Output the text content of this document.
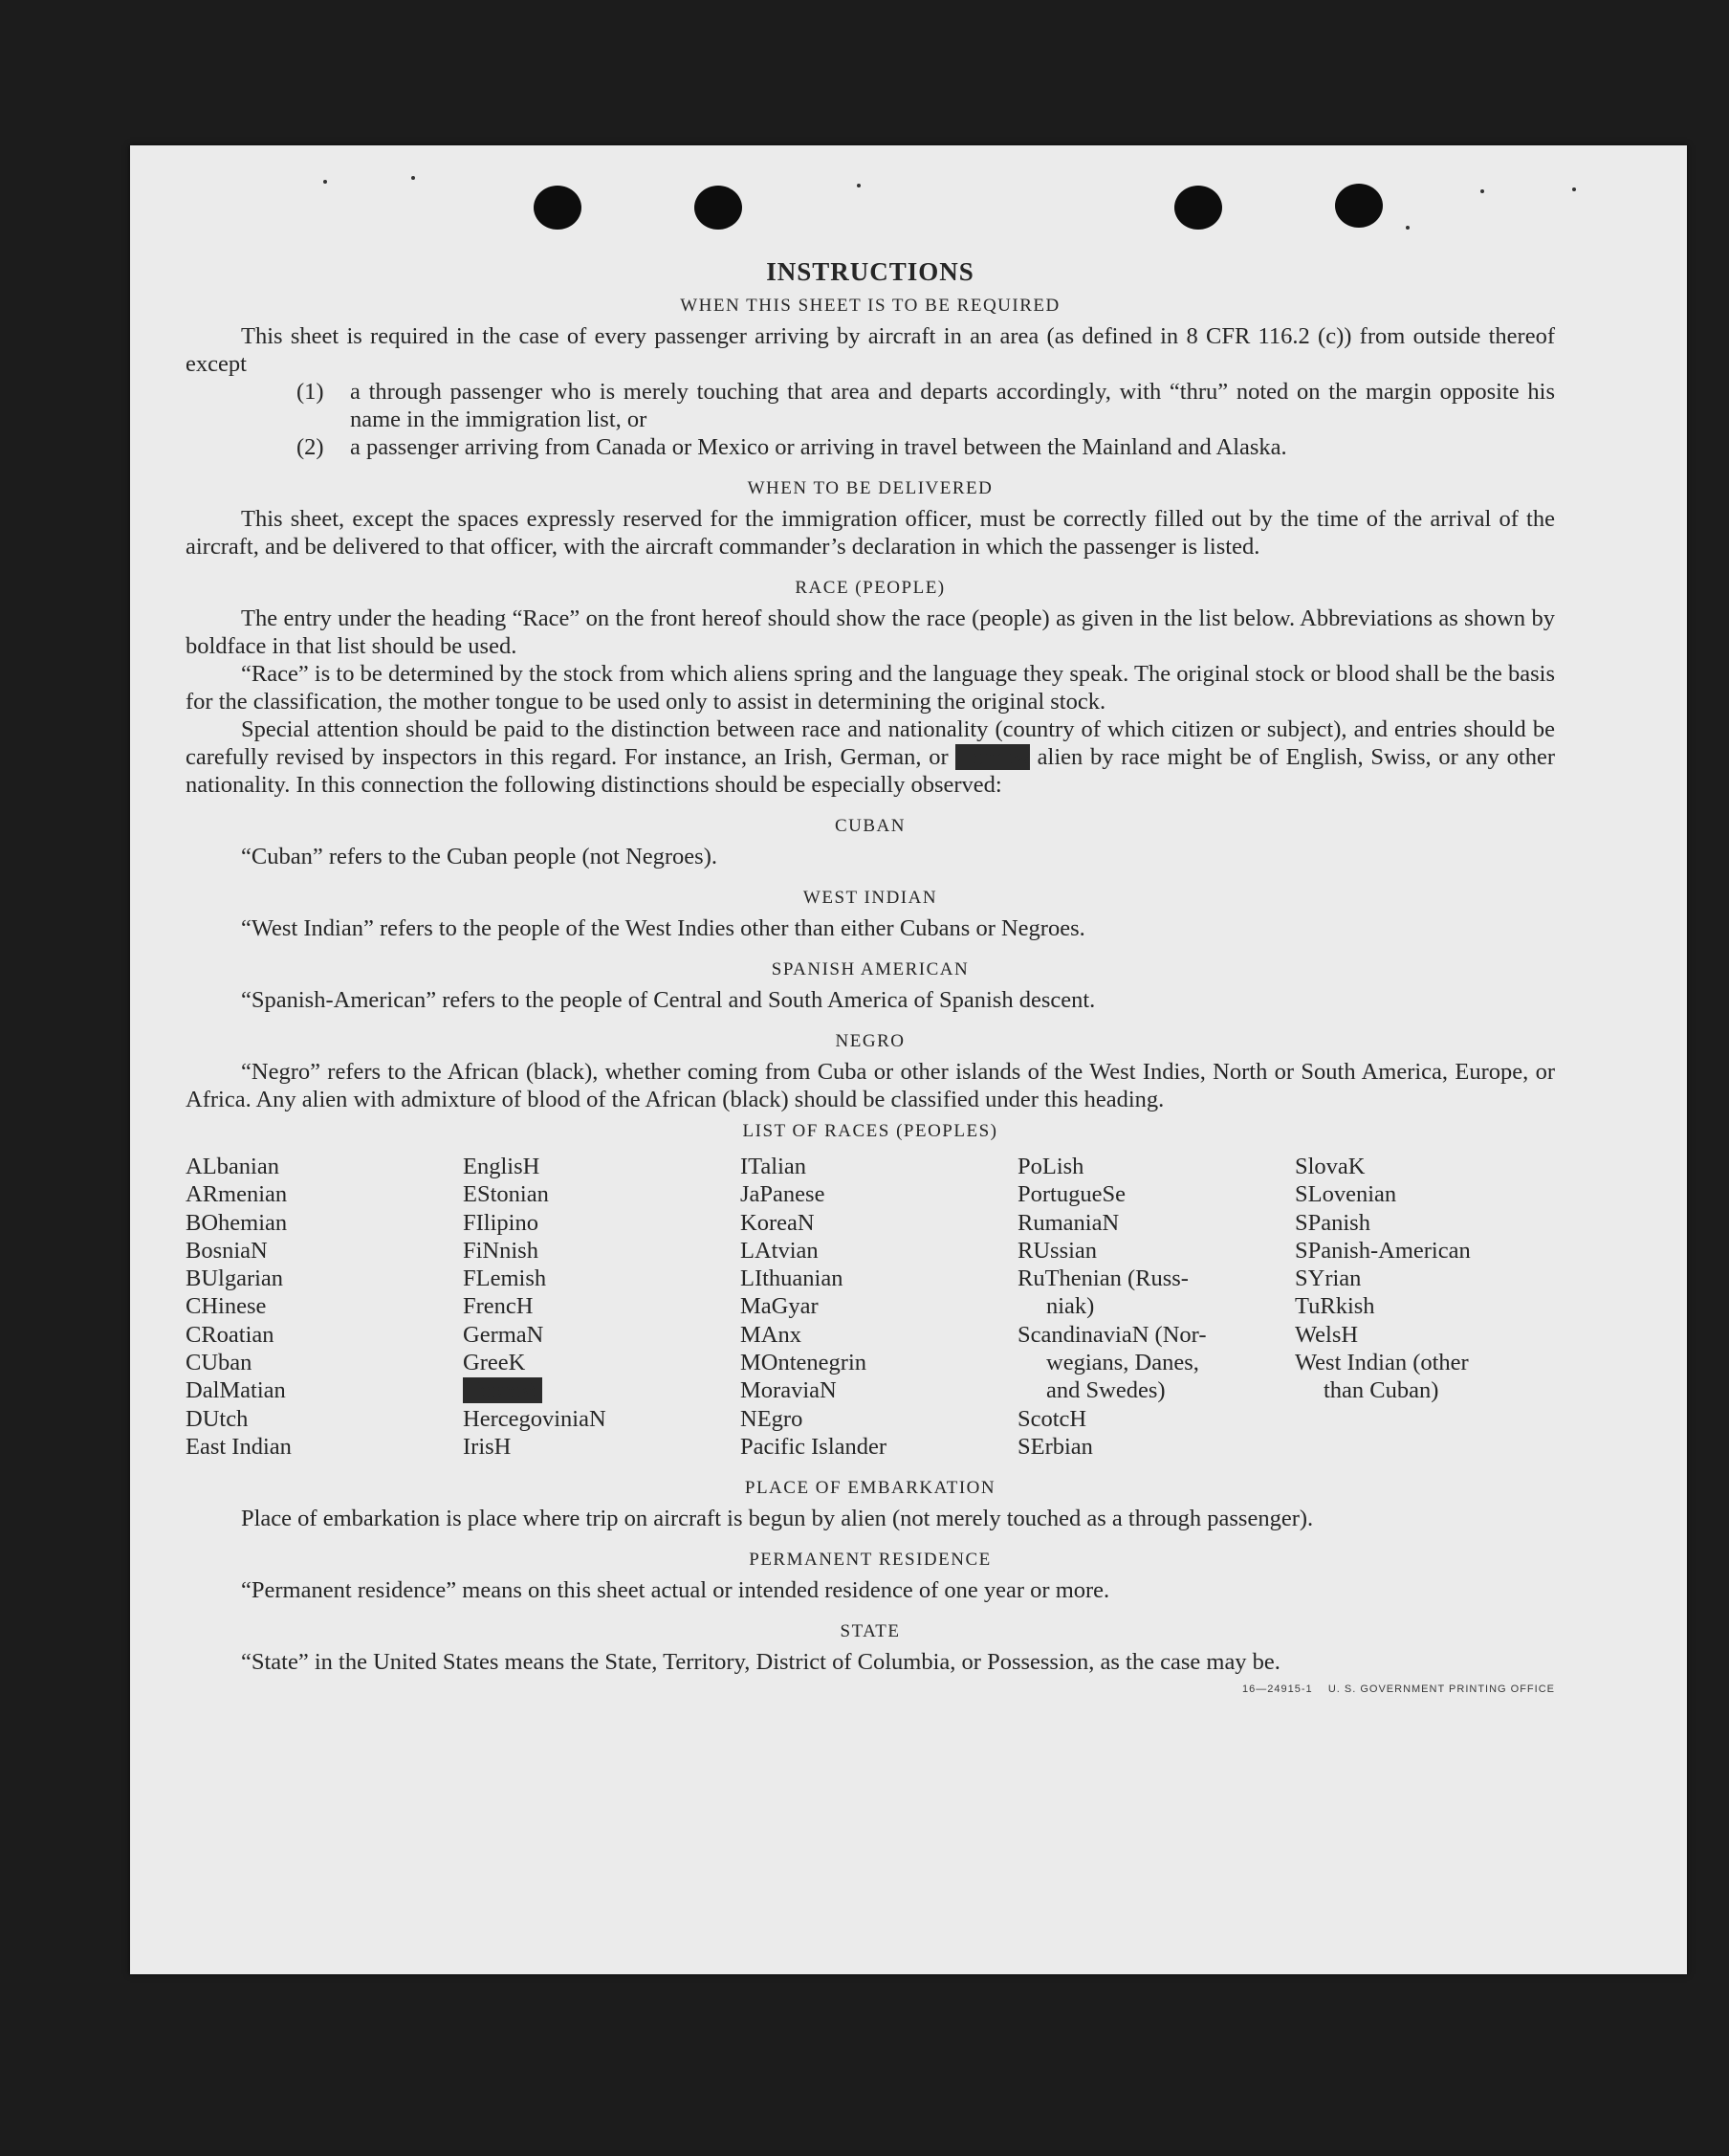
INSTRUCTIONS
WHEN THIS SHEET IS TO BE REQUIRED

This sheet is required in the case of every passenger arriving by aircraft in an area (as defined in 8 CFR 116.2 (c)) from outside thereof except

(1)	a through passenger who is merely touching that area and departs accordingly, with “thru” noted on the margin opposite his name in the immigration list, or
(2)	a passenger arriving from Canada or Mexico or arriving in travel between the Mainland and Alaska.
WHEN TO BE DELIVERED

This sheet, except the spaces expressly reserved for the immigration officer, must be correctly filled out by the time of the arrival of the aircraft, and be delivered to that officer, with the aircraft commander’s declaration in which the passenger is listed.

RACE (PEOPLE)

The entry under the heading “Race” on the front hereof should show the race (people) as given in the list below. Abbreviations as shown by boldface in that list should be used.

“Race” is to be determined by the stock from which aliens spring and the language they speak. The original stock or blood shall be the basis for the classification, the mother tongue to be used only to assist in determining the original stock.

Special attention should be paid to the distinction between race and nationality (country of which citizen or subject), and entries should be carefully revised by inspectors in this regard. For instance, an Irish, German, or Hebrew alien by race might be of English, Swiss, or any other nationality. In this connection the following distinctions should be especially observed:

CUBAN
“Cuban” refers to the Cuban people (not Negroes).
WEST INDIAN
“West Indian” refers to the people of the West Indies other than either Cubans or Negroes.
SPANISH AMERICAN
“Spanish-American” refers to the people of Central and South America of Spanish descent.
NEGRO

“Negro” refers to the African (black), whether coming from Cuba or other islands of the West Indies, North or South America, Europe, or Africa. Any alien with admixture of blood of the African (black) should be classified under this heading.

LIST OF RACES (PEOPLES)
ALbanian
ARmenian
BOhemian
BosniaN
BUlgarian
CHinese
CRoatian
CUban
DalMatian
DUtch
East Indian
EnglisH
EStonian
FIlipino
FiNnish
FLemish
FrencH
GermaN
GreeK
HebreW
HercegoviniaN
IrisH
ITalian
JaPanese
KoreaN
LAtvian
LIthuanian
MaGyar
MAnx
MOntenegrin
MoraviaN
NEgro
Pacific Islander
PoLish
PortugueSe
RumaniaN
RUssian
RuThenian (Russ-
niak)
ScandinaviaN (Nor-
wegians, Danes,
and Swedes)
ScotcH
SErbian
SlovaK
SLovenian
SPanish
SPanish-American
SYrian
TuRkish
WelsH
West Indian (other
than Cuban)
PLACE OF EMBARKATION

Place of embarkation is place where trip on aircraft is begun by alien (not merely touched as a through passenger).

PERMANENT RESIDENCE
“Permanent residence” means on this sheet actual or intended residence of one year or more.
STATE

“State” in the United States means the State, Territory, District of Columbia, or Possession, as the case may be.

16—24915-1 U. S. GOVERNMENT PRINTING OFFICE
